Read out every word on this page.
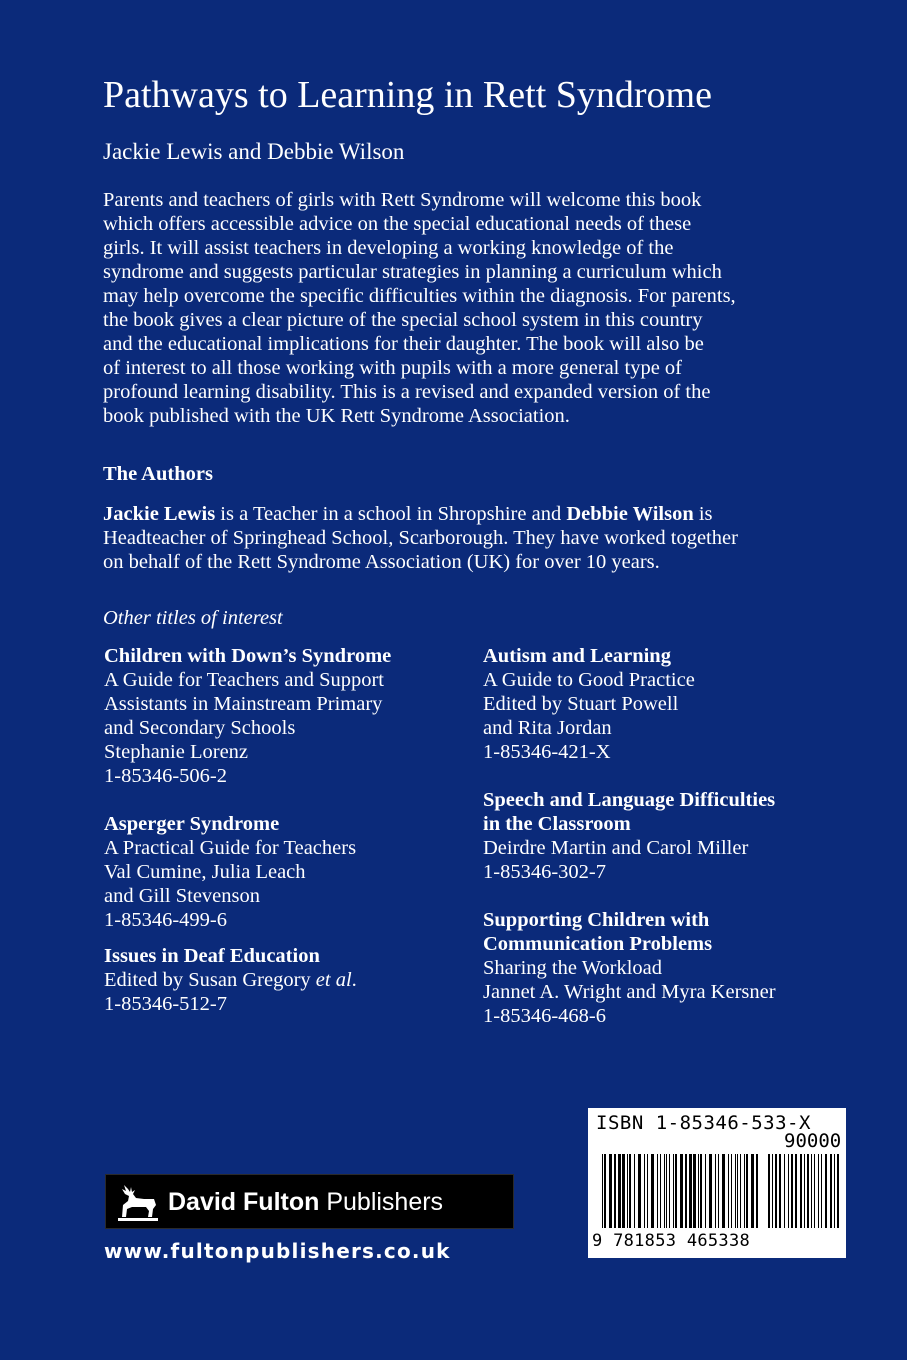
Pathways to Learning in Rett Syndrome

Jackie Lewis and Debbie Wilson

Parents and teachers of girls with Rett Syndrome will welcome this book
which offers accessible advice on the special educational needs of these
girls. It will assist teachers in developing a working knowledge of the
syndrome and suggests particular strategies in planning a curriculum which
may help overcome the specific difficulties within the diagnosis. For parents,
the book gives a clear picture of the special school system in this country
and the educational implications for their daughter. The book will also be
of interest to all those working with pupils with a more general type of
profound learning disability. This is a revised and expanded version of the
book published with the UK Rett Syndrome Association.
The Authors
Jackie Lewis is a Teacher in a school in Shropshire and Debbie Wilson is
Headteacher of Springhead School, Scarborough. They have worked together
on behalf of the Rett Syndrome Association (UK) for over 10 years.

Other titles of interest

Children with Down’s Syndrome
A Guide for Teachers and Support
Assistants in Mainstream Primary
and Secondary Schools
Stephanie Lorenz
1-85346-506-2
Asperger Syndrome
A Practical Guide for Teachers
Val Cumine, Julia Leach
and Gill Stevenson
1-85346-499-6
Issues in Deaf Education
Edited by Susan Gregory et al.
1-85346-512-7
Autism and Learning
A Guide to Good Practice
Edited by Stuart Powell
and Rita Jordan
1-85346-421-X
Speech and Language Difficulties
in the Classroom
Deirdre Martin and Carol Miller
1-85346-302-7
Supporting Children with
Communication Problems
Sharing the Workload
Jannet A. Wright and Myra Kersner
1-85346-468-6
David Fulton Publishers

www.fultonpublishers.co.uk

ISBN 1-85346-533-X
90000
9 781853 465338
